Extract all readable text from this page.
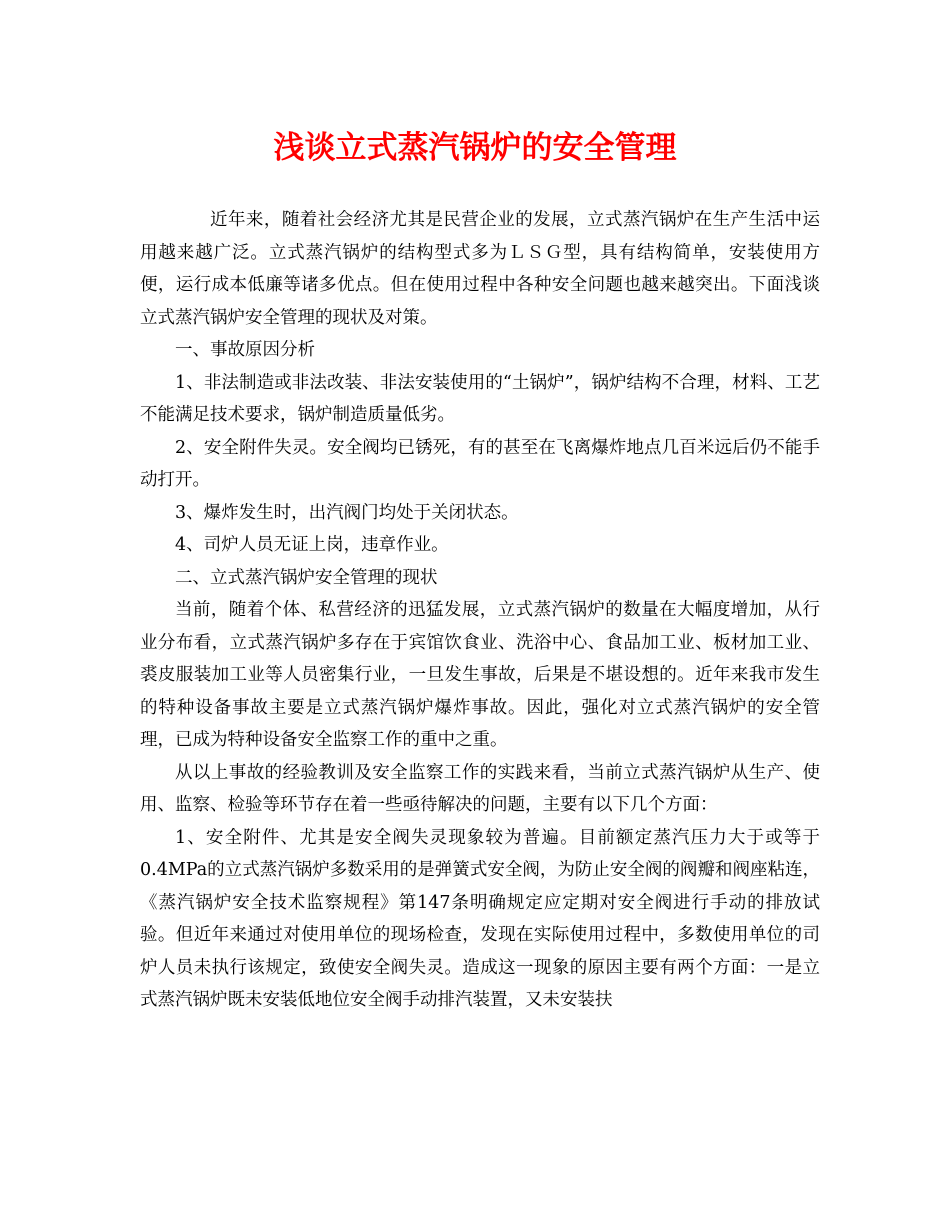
浅谈立式蒸汽锅炉的安全管理

近年来，随着社会经济尤其是民营企业的发展，立式蒸汽锅炉在生产生活中运用越来越广泛。立式蒸汽锅炉的结构型式多为ＬＳＧ型，具有结构简单，安装使用方便，运行成本低廉等诸多优点。但在使用过程中各种安全问题也越来越突出。下面浅谈立式蒸汽锅炉安全管理的现状及对策。

一、事故原因分析

1、非法制造或非法改装、非法安装使用的“土锅炉”，锅炉结构不合理，材料、工艺不能满足技术要求，锅炉制造质量低劣。

2、安全附件失灵。安全阀均已锈死，有的甚至在飞离爆炸地点几百米远后仍不能手动打开。

3、爆炸发生时，出汽阀门均处于关闭状态。

4、司炉人员无证上岗，违章作业。

二、立式蒸汽锅炉安全管理的现状

当前，随着个体、私营经济的迅猛发展，立式蒸汽锅炉的数量在大幅度增加，从行业分布看，立式蒸汽锅炉多存在于宾馆饮食业、洗浴中心、食品加工业、板材加工业、裘皮服装加工业等人员密集行业，一旦发生事故，后果是不堪设想的。近年来我市发生的特种设备事故主要是立式蒸汽锅炉爆炸事故。因此，强化对立式蒸汽锅炉的安全管理，已成为特种设备安全监察工作的重中之重。

从以上事故的经验教训及安全监察工作的实践来看，当前立式蒸汽锅炉从生产、使用、监察、检验等环节存在着一些亟待解决的问题，主要有以下几个方面：

1、安全附件、尤其是安全阀失灵现象较为普遍。目前额定蒸汽压力大于或等于0.4MPa的立式蒸汽锅炉多数采用的是弹簧式安全阀，为防止安全阀的阀瓣和阀座粘连，《蒸汽锅炉安全技术监察规程》第147条明确规定应定期对安全阀进行手动的排放试验。但近年来通过对使用单位的现场检查，发现在实际使用过程中，多数使用单位的司炉人员未执行该规定，致使安全阀失灵。造成这一现象的原因主要有两个方面：一是立式蒸汽锅炉既未安装低地位安全阀手动排汽装置，又未安装扶
